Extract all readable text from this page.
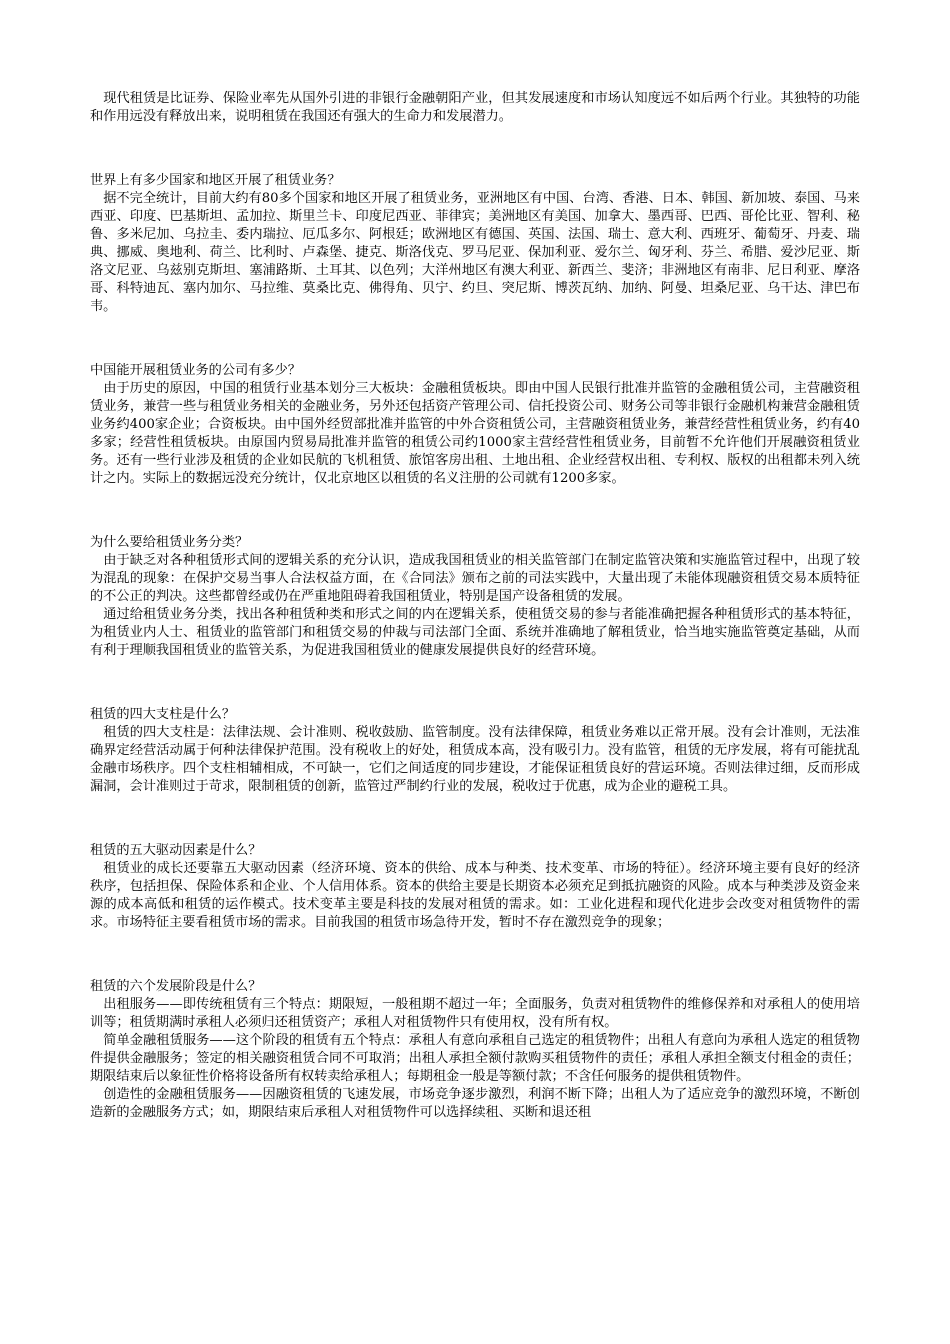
现代租赁是比证券、保险业率先从国外引进的非银行金融朝阳产业，但其发展速度和市场认知度远不如后两个行业。其独特的功能和作用远没有释放出来，说明租赁在我国还有强大的生命力和发展潜力。

世界上有多少国家和地区开展了租赁业务？

据不完全统计，目前大约有80多个国家和地区开展了租赁业务，亚洲地区有中国、台湾、香港、日本、韩国、新加坡、泰国、马来西亚、印度、巴基斯坦、孟加拉、斯里兰卡、印度尼西亚、菲律宾；美洲地区有美国、加拿大、墨西哥、巴西、哥伦比亚、智利、秘鲁、多米尼加、乌拉圭、委内瑞拉、厄瓜多尔、阿根廷；欧洲地区有德国、英国、法国、瑞士、意大利、西班牙、葡萄牙、丹麦、瑞典、挪威、奥地利、荷兰、比利时、卢森堡、捷克、斯洛伐克、罗马尼亚、保加利亚、爱尔兰、匈牙利、芬兰、希腊、爱沙尼亚、斯洛文尼亚、乌兹别克斯坦、塞浦路斯、土耳其、以色列；大洋州地区有澳大利亚、新西兰、斐济；非洲地区有南非、尼日利亚、摩洛哥、科特迪瓦、塞内加尔、马拉维、莫桑比克、佛得角、贝宁、约旦、突尼斯、博茨瓦纳、加纳、阿曼、坦桑尼亚、乌干达、津巴布韦。

中国能开展租赁业务的公司有多少？

由于历史的原因，中国的租赁行业基本划分三大板块：金融租赁板块。即由中国人民银行批准并监管的金融租赁公司，主营融资租赁业务，兼营一些与租赁业务相关的金融业务，另外还包括资产管理公司、信托投资公司、财务公司等非银行金融机构兼营金融租赁业务约400家企业；合资板块。由中国外经贸部批准并监管的中外合资租赁公司，主营融资租赁业务，兼营经营性租赁业务，约有40多家；经营性租赁板块。由原国内贸易局批准并监管的租赁公司约1000家主营经营性租赁业务，目前暂不允许他们开展融资租赁业务。还有一些行业涉及租赁的企业如民航的飞机租赁、旅馆客房出租、土地出租、企业经营权出租、专利权、版权的出租都未列入统计之内。实际上的数据远没充分统计，仅北京地区以租赁的名义注册的公司就有1200多家。

为什么要给租赁业务分类？

由于缺乏对各种租赁形式间的逻辑关系的充分认识，造成我国租赁业的相关监管部门在制定监管决策和实施监管过程中，出现了较为混乱的现象：在保护交易当事人合法权益方面，在《合同法》颁布之前的司法实践中，大量出现了未能体现融资租赁交易本质特征的不公正的判决。这些都曾经或仍在严重地阻碍着我国租赁业，特别是国产设备租赁的发展。

通过给租赁业务分类，找出各种租赁种类和形式之间的内在逻辑关系，使租赁交易的参与者能准确把握各种租赁形式的基本特征，为租赁业内人士、租赁业的监管部门和租赁交易的仲裁与司法部门全面、系统并准确地了解租赁业，恰当地实施监管奠定基础，从而有利于理顺我国租赁业的监管关系，为促进我国租赁业的健康发展提供良好的经营环境。

租赁的四大支柱是什么？

租赁的四大支柱是：法律法规、会计准则、税收鼓励、监管制度。没有法律保障，租赁业务难以正常开展。没有会计准则，无法准确界定经营活动属于何种法律保护范围。没有税收上的好处，租赁成本高，没有吸引力。没有监管，租赁的无序发展，将有可能扰乱金融市场秩序。四个支柱相辅相成，不可缺一，它们之间适度的同步建设，才能保证租赁良好的营运环境。否则法律过细，反而形成漏洞，会计准则过于苛求，限制租赁的创新，监管过严制约行业的发展，税收过于优惠，成为企业的避税工具。

租赁的五大驱动因素是什么？

租赁业的成长还要靠五大驱动因素（经济环境、资本的供给、成本与种类、技术变革、市场的特征）。经济环境主要有良好的经济秩序，包括担保、保险体系和企业、个人信用体系。资本的供给主要是长期资本必须充足到抵抗融资的风险。成本与种类涉及资金来源的成本高低和租赁的运作模式。技术变革主要是科技的发展对租赁的需求。如：工业化进程和现代化进步会改变对租赁物件的需求。市场特征主要看租赁市场的需求。目前我国的租赁市场急待开发，暂时不存在激烈竞争的现象；

租赁的六个发展阶段是什么？

出租服务——即传统租赁有三个特点：期限短，一般租期不超过一年；全面服务，负责对租赁物件的维修保养和对承租人的使用培训等；租赁期满时承租人必须归还租赁资产；承租人对租赁物件只有使用权，没有所有权。

简单金融租赁服务——这个阶段的租赁有五个特点：承租人有意向承租自己选定的租赁物件；出租人有意向为承租人选定的租赁物件提供金融服务；签定的相关融资租赁合同不可取消；出租人承担全额付款购买租赁物件的责任；承租人承担全额支付租金的责任；期限结束后以象征性价格将设备所有权转卖给承租人；每期租金一般是等额付款；不含任何服务的提供租赁物件。

创造性的金融租赁服务——因融资租赁的飞速发展，市场竞争逐步激烈，利润不断下降；出租人为了适应竞争的激烈环境，不断创造新的金融服务方式；如，期限结束后承租人对租赁物件可以选择续租、买断和退还租
